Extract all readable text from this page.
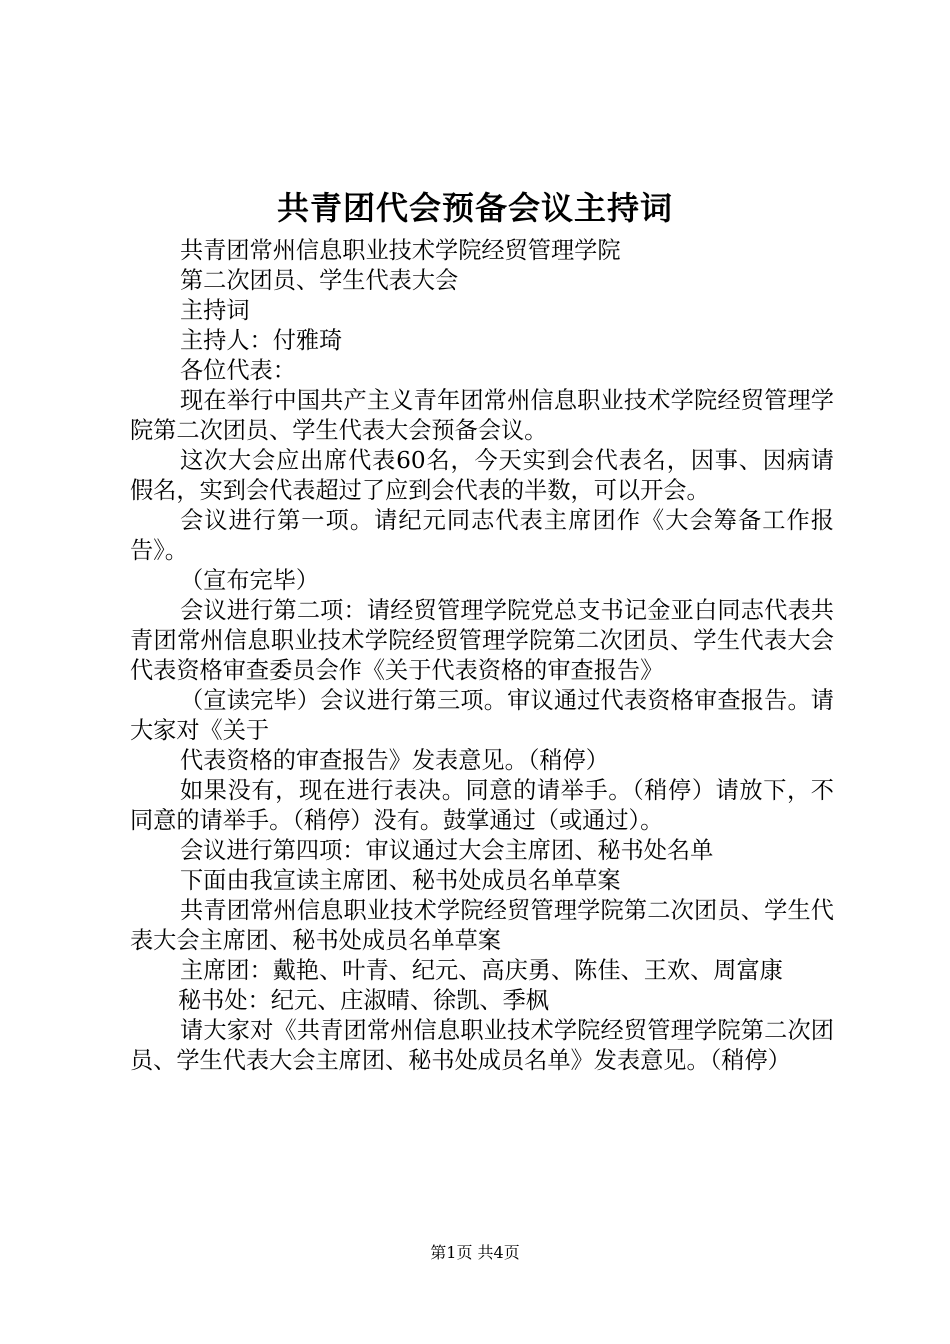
共青团代会预备会议主持词
共青团常州信息职业技术学院经贸管理学院
第二次团员、学生代表大会
主持词
主持人：付雅琦
各位代表：
现在举行中国共产主义青年团常州信息职业技术学院经贸管理学院第二次团员、学生代表大会预备会议。
这次大会应出席代表60名，今天实到会代表名，因事、因病请假名，实到会代表超过了应到会代表的半数，可以开会。
会议进行第一项。请纪元同志代表主席团作《大会筹备工作报告》。
（宣布完毕）
会议进行第二项：请经贸管理学院党总支书记金亚白同志代表共青团常州信息职业技术学院经贸管理学院第二次团员、学生代表大会代表资格审查委员会作《关于代表资格的审查报告》
（宣读完毕）会议进行第三项。审议通过代表资格审查报告。请大家对《关于
代表资格的审查报告》发表意见。（稍停）
如果没有，现在进行表决。同意的请举手。（稍停）请放下，不同意的请举手。（稍停）没有。鼓掌通过（或通过）。
会议进行第四项：审议通过大会主席团、秘书处名单
下面由我宣读主席团、秘书处成员名单草案
共青团常州信息职业技术学院经贸管理学院第二次团员、学生代表大会主席团、秘书处成员名单草案
主席团：戴艳、叶青、纪元、高庆勇、陈佳、王欢、周富康
秘书处：纪元、庄淑晴、徐凯、季枫
请大家对《共青团常州信息职业技术学院经贸管理学院第二次团员、学生代表大会主席团、秘书处成员名单》发表意见。（稍停）
第1页 共4页
